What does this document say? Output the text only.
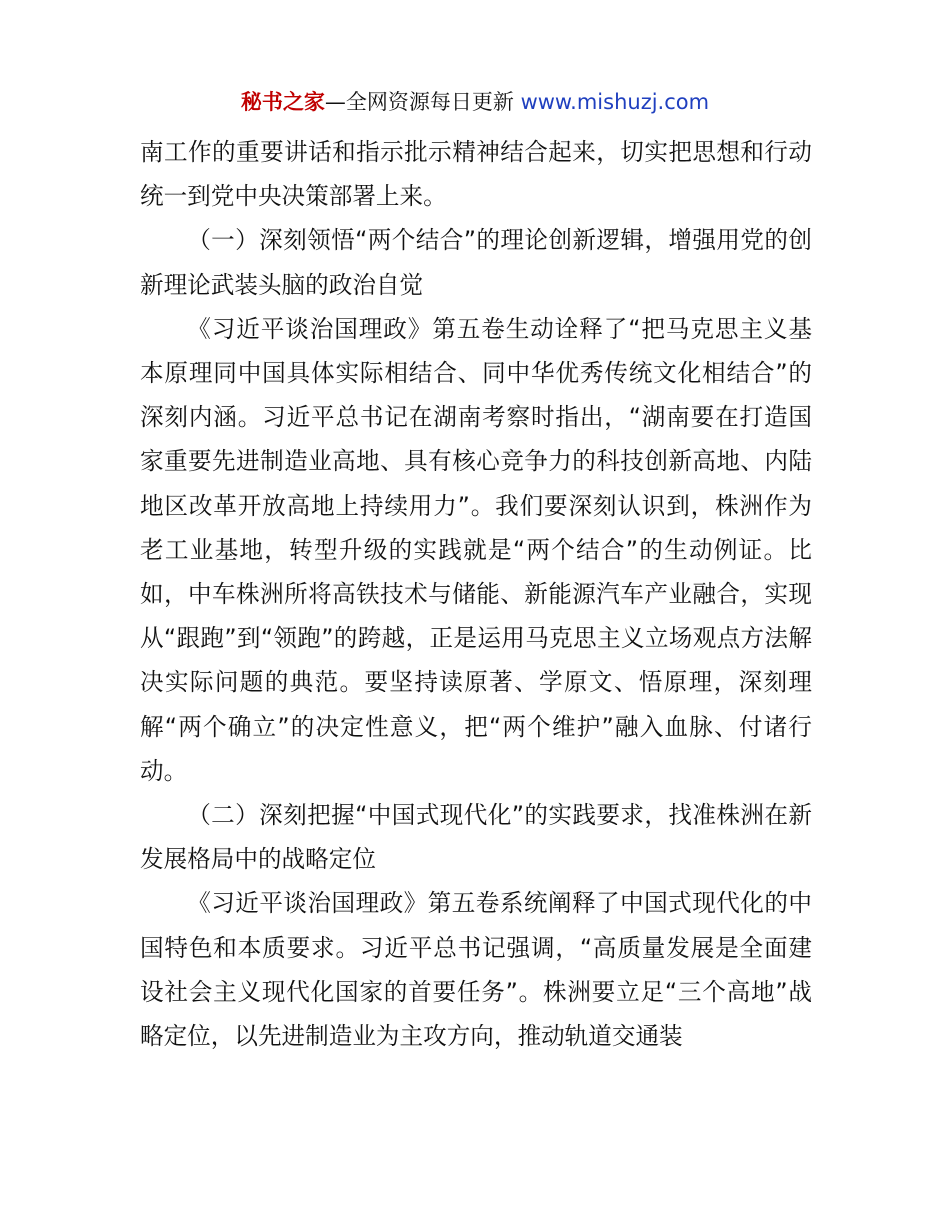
秘书之家—全网资源每日更新 www.mishuzj.com

南工作的重要讲话和指示批示精神结合起来，切实把思想和行动统一到党中央决策部署上来。

（一）深刻领悟“两个结合”的理论创新逻辑，增强用党的创新理论武装头脑的政治自觉

《习近平谈治国理政》第五卷生动诠释了“把马克思主义基本原理同中国具体实际相结合、同中华优秀传统文化相结合”的深刻内涵。习近平总书记在湖南考察时指出，“湖南要在打造国家重要先进制造业高地、具有核心竞争力的科技创新高地、内陆地区改革开放高地上持续用力”。我们要深刻认识到，株洲作为老工业基地，转型升级的实践就是“两个结合”的生动例证。比如，中车株洲所将高铁技术与储能、新能源汽车产业融合，实现从“跟跑”到“领跑”的跨越，正是运用马克思主义立场观点方法解决实际问题的典范。要坚持读原著、学原文、悟原理，深刻理解“两个确立”的决定性意义，把“两个维护”融入血脉、付诸行动。

（二）深刻把握“中国式现代化”的实践要求，找准株洲在新发展格局中的战略定位

《习近平谈治国理政》第五卷系统阐释了中国式现代化的中国特色和本质要求。习近平总书记强调，“高质量发展是全面建设社会主义现代化国家的首要任务”。株洲要立足“三个高地”战略定位，以先进制造业为主攻方向，推动轨道交通装
